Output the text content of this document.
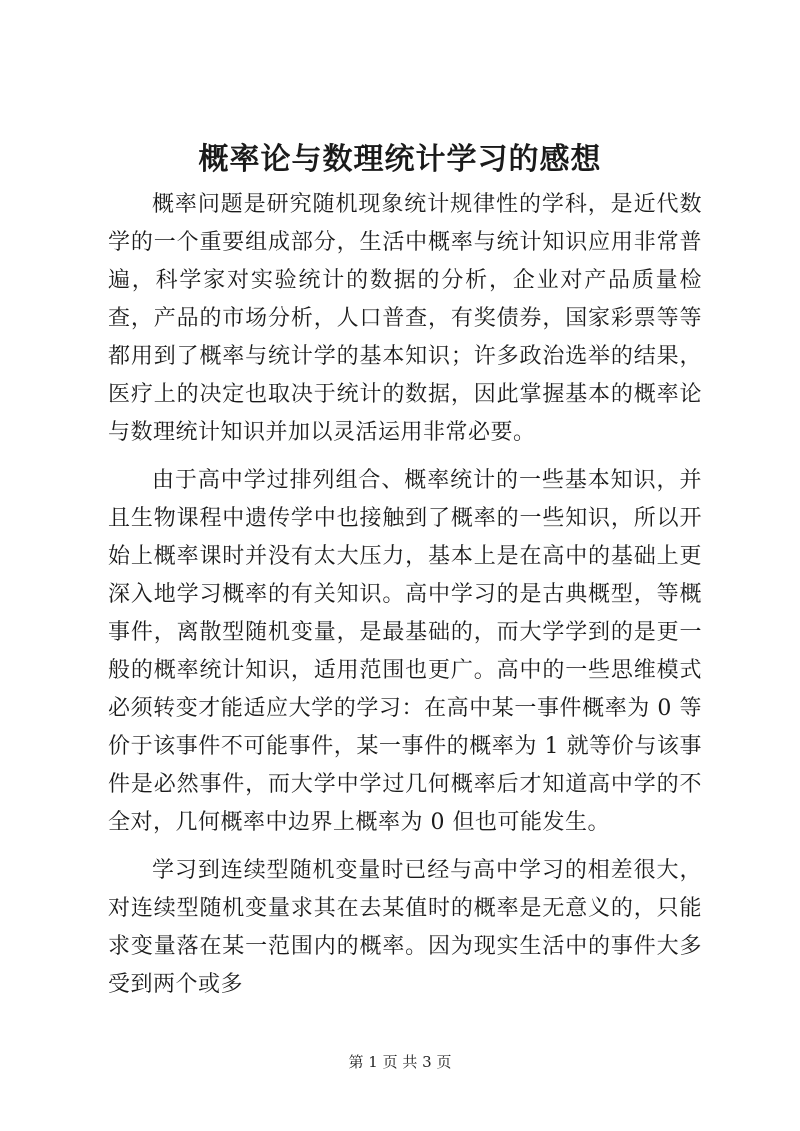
概率论与数理统计学习的感想

概率问题是研究随机现象统计规律性的学科，是近代数学的一个重要组成部分，生活中概率与统计知识应用非常普遍，科学家对实验统计的数据的分析，企业对产品质量检查，产品的市场分析，人口普查，有奖债券，国家彩票等等都用到了概率与统计学的基本知识；许多政治选举的结果，医疗上的决定也取决于统计的数据，因此掌握基本的概率论与数理统计知识并加以灵活运用非常必要。

由于高中学过排列组合、概率统计的一些基本知识，并且生物课程中遗传学中也接触到了概率的一些知识，所以开始上概率课时并没有太大压力，基本上是在高中的基础上更深入地学习概率的有关知识。高中学习的是古典概型，等概事件，离散型随机变量，是最基础的，而大学学到的是更一般的概率统计知识，适用范围也更广。高中的一些思维模式必须转变才能适应大学的学习：在高中某一事件概率为 0 等价于该事件不可能事件，某一事件的概率为 1 就等价与该事件是必然事件，而大学中学过几何概率后才知道高中学的不全对，几何概率中边界上概率为 0 但也可能发生。

学习到连续型随机变量时已经与高中学习的相差很大，对连续型随机变量求其在去某值时的概率是无意义的，只能求变量落在某一范围内的概率。因为现实生活中的事件大多受到两个或多

第 1 页 共 3 页
